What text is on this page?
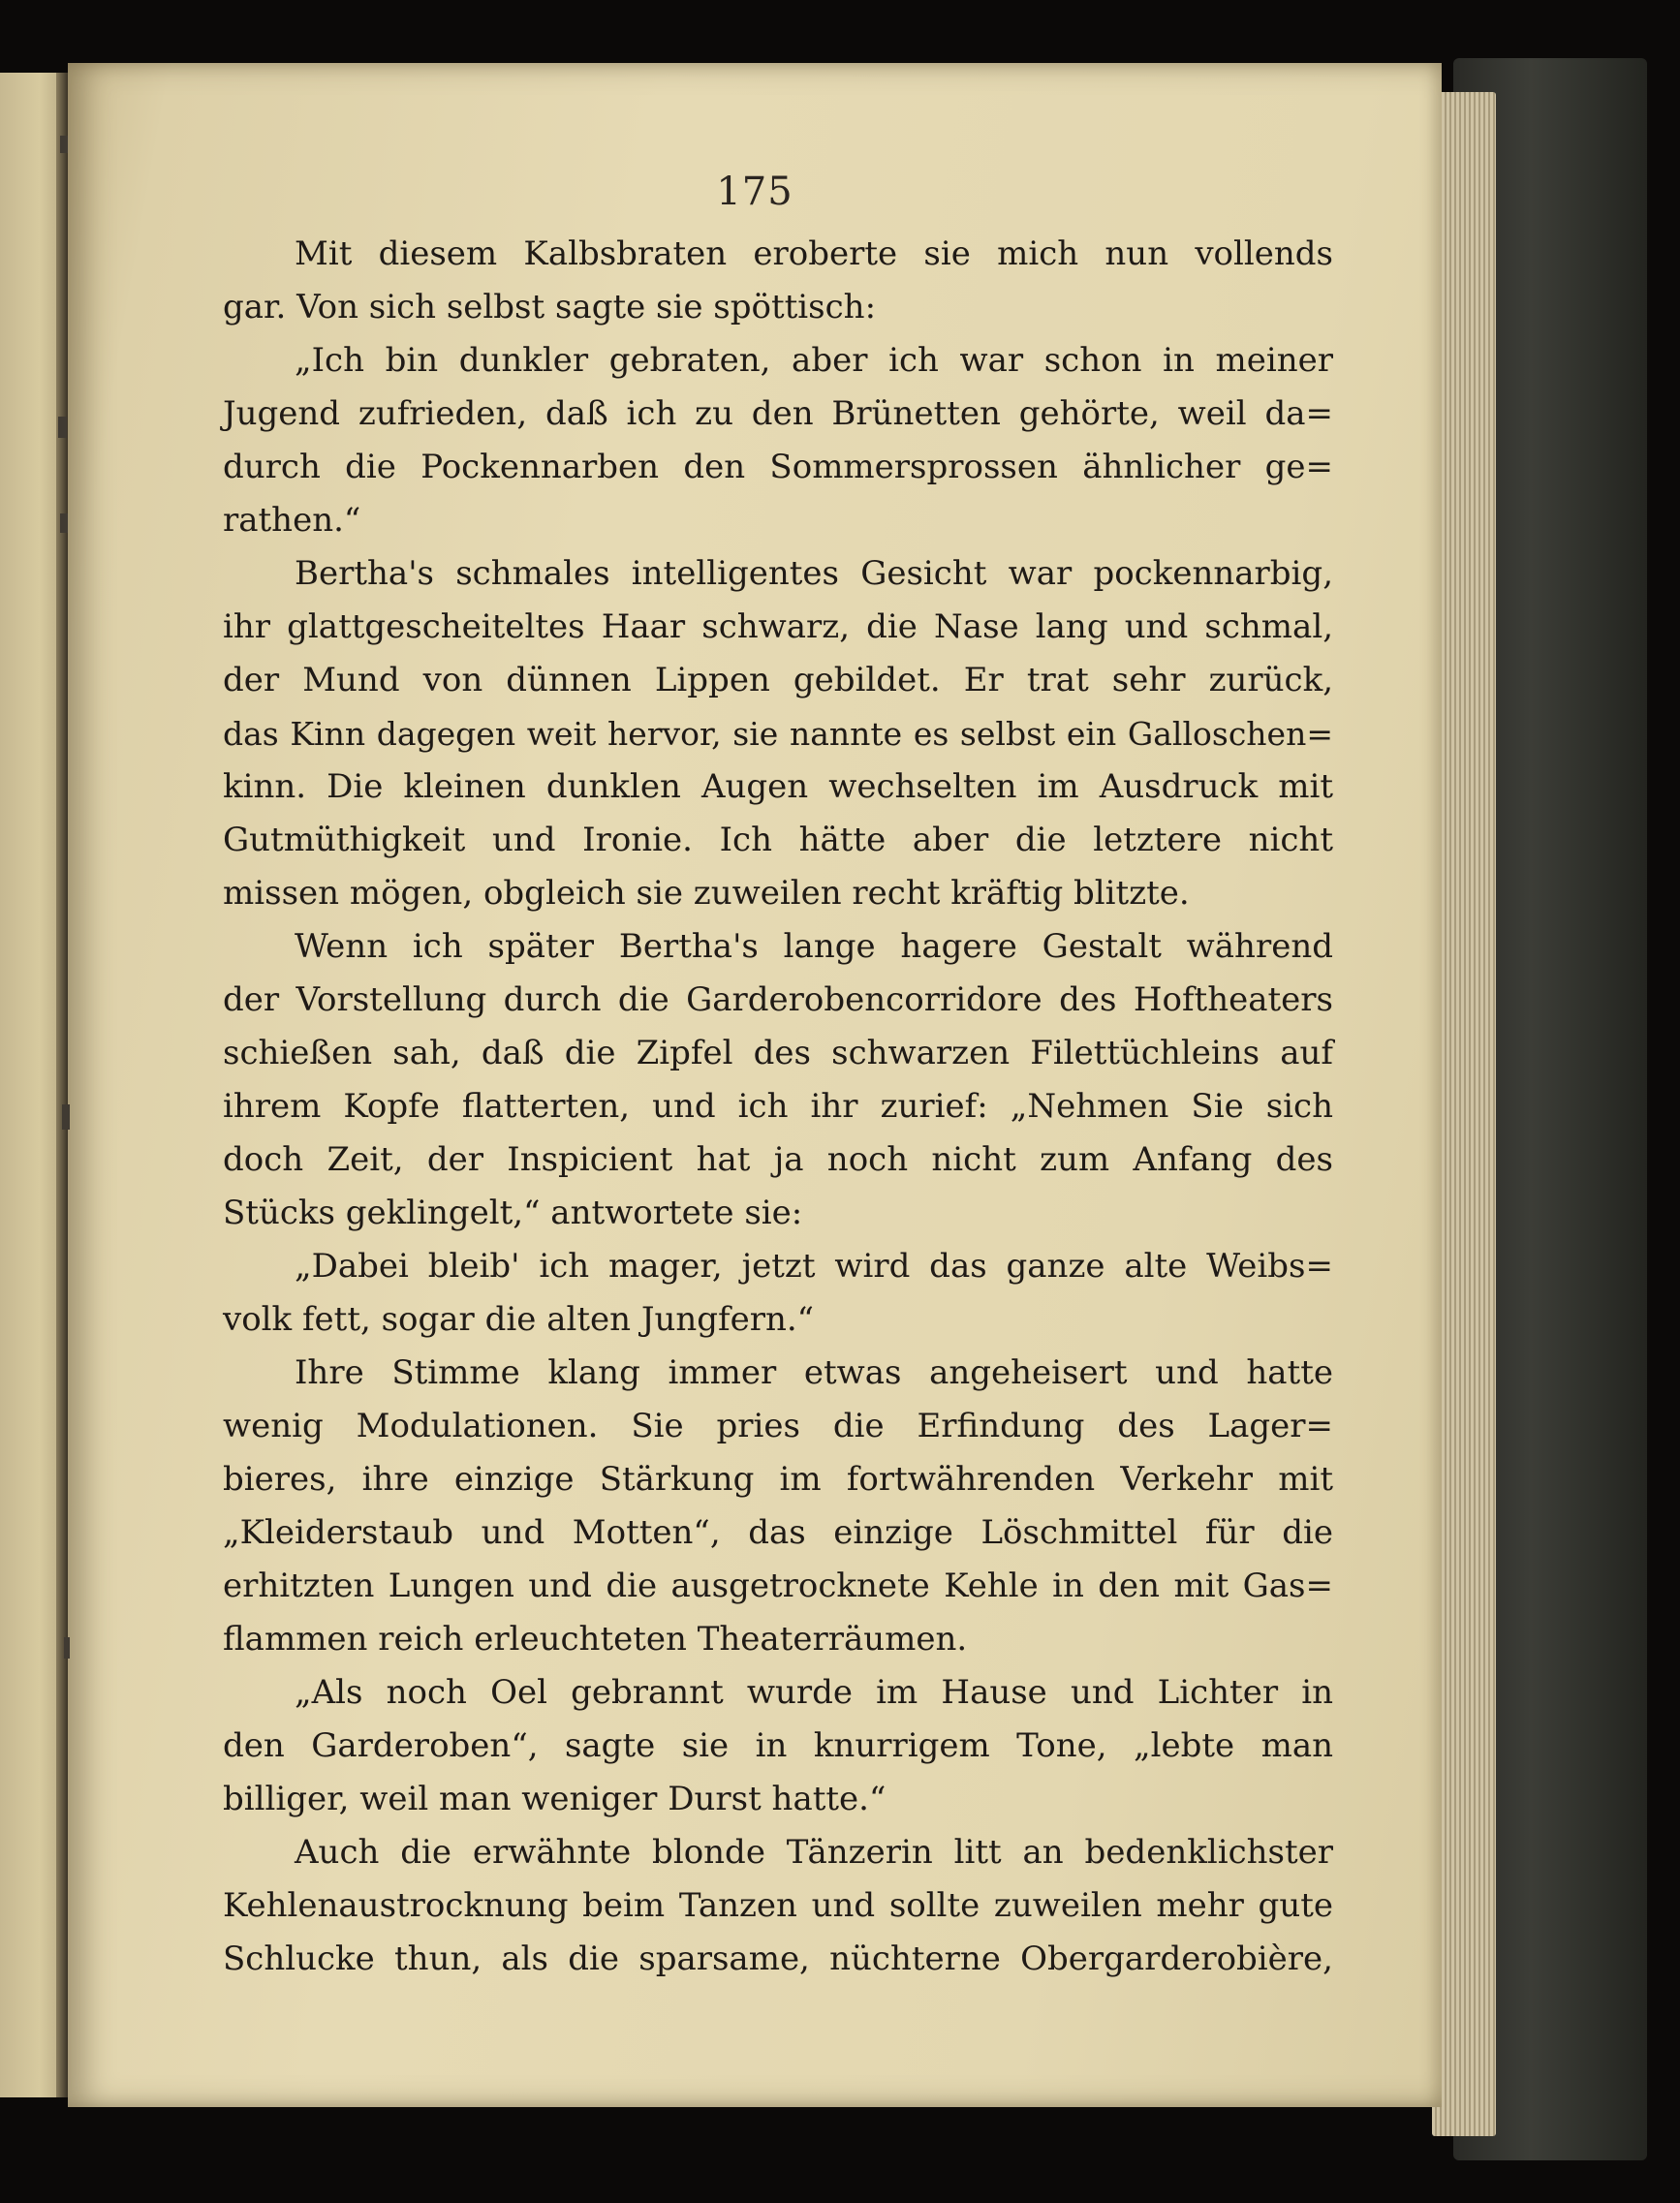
175
Mit diesem Kalbsbraten eroberte sie mich nun vollends
gar. Von sich selbst sagte sie spöttisch:
„Ich bin dunkler gebraten, aber ich war schon in meiner
Jugend zufrieden, daß ich zu den Brünetten gehörte, weil da=
durch die Pockennarben den Sommersprossen ähnlicher ge=
rathen.“
Bertha's schmales intelligentes Gesicht war pockennarbig,
ihr glattgescheiteltes Haar schwarz, die Nase lang und schmal,
der Mund von dünnen Lippen gebildet. Er trat sehr zurück,
das Kinn dagegen weit hervor, sie nannte es selbst ein Galloschen=
kinn. Die kleinen dunklen Augen wechselten im Ausdruck mit
Gutmüthigkeit und Ironie. Ich hätte aber die letztere nicht
missen mögen, obgleich sie zuweilen recht kräftig blitzte.
Wenn ich später Bertha's lange hagere Gestalt während
der Vorstellung durch die Garderobencorridore des Hoftheaters
schießen sah, daß die Zipfel des schwarzen Filettüchleins auf
ihrem Kopfe flatterten, und ich ihr zurief: „Nehmen Sie sich
doch Zeit, der Inspicient hat ja noch nicht zum Anfang des
Stücks geklingelt,“ antwortete sie:
„Dabei bleib' ich mager, jetzt wird das ganze alte Weibs=
volk fett, sogar die alten Jungfern.“
Ihre Stimme klang immer etwas angeheisert und hatte
wenig Modulationen. Sie pries die Erfindung des Lager=
bieres, ihre einzige Stärkung im fortwährenden Verkehr mit
„Kleiderstaub und Motten“, das einzige Löschmittel für die
erhitzten Lungen und die ausgetrocknete Kehle in den mit Gas=
flammen reich erleuchteten Theaterräumen.
„Als noch Oel gebrannt wurde im Hause und Lichter in
den Garderoben“, sagte sie in knurrigem Tone, „lebte man
billiger, weil man weniger Durst hatte.“
Auch die erwähnte blonde Tänzerin litt an bedenklichster
Kehlenaustrocknung beim Tanzen und sollte zuweilen mehr gute
Schlucke thun, als die sparsame, nüchterne Obergarderobière,
